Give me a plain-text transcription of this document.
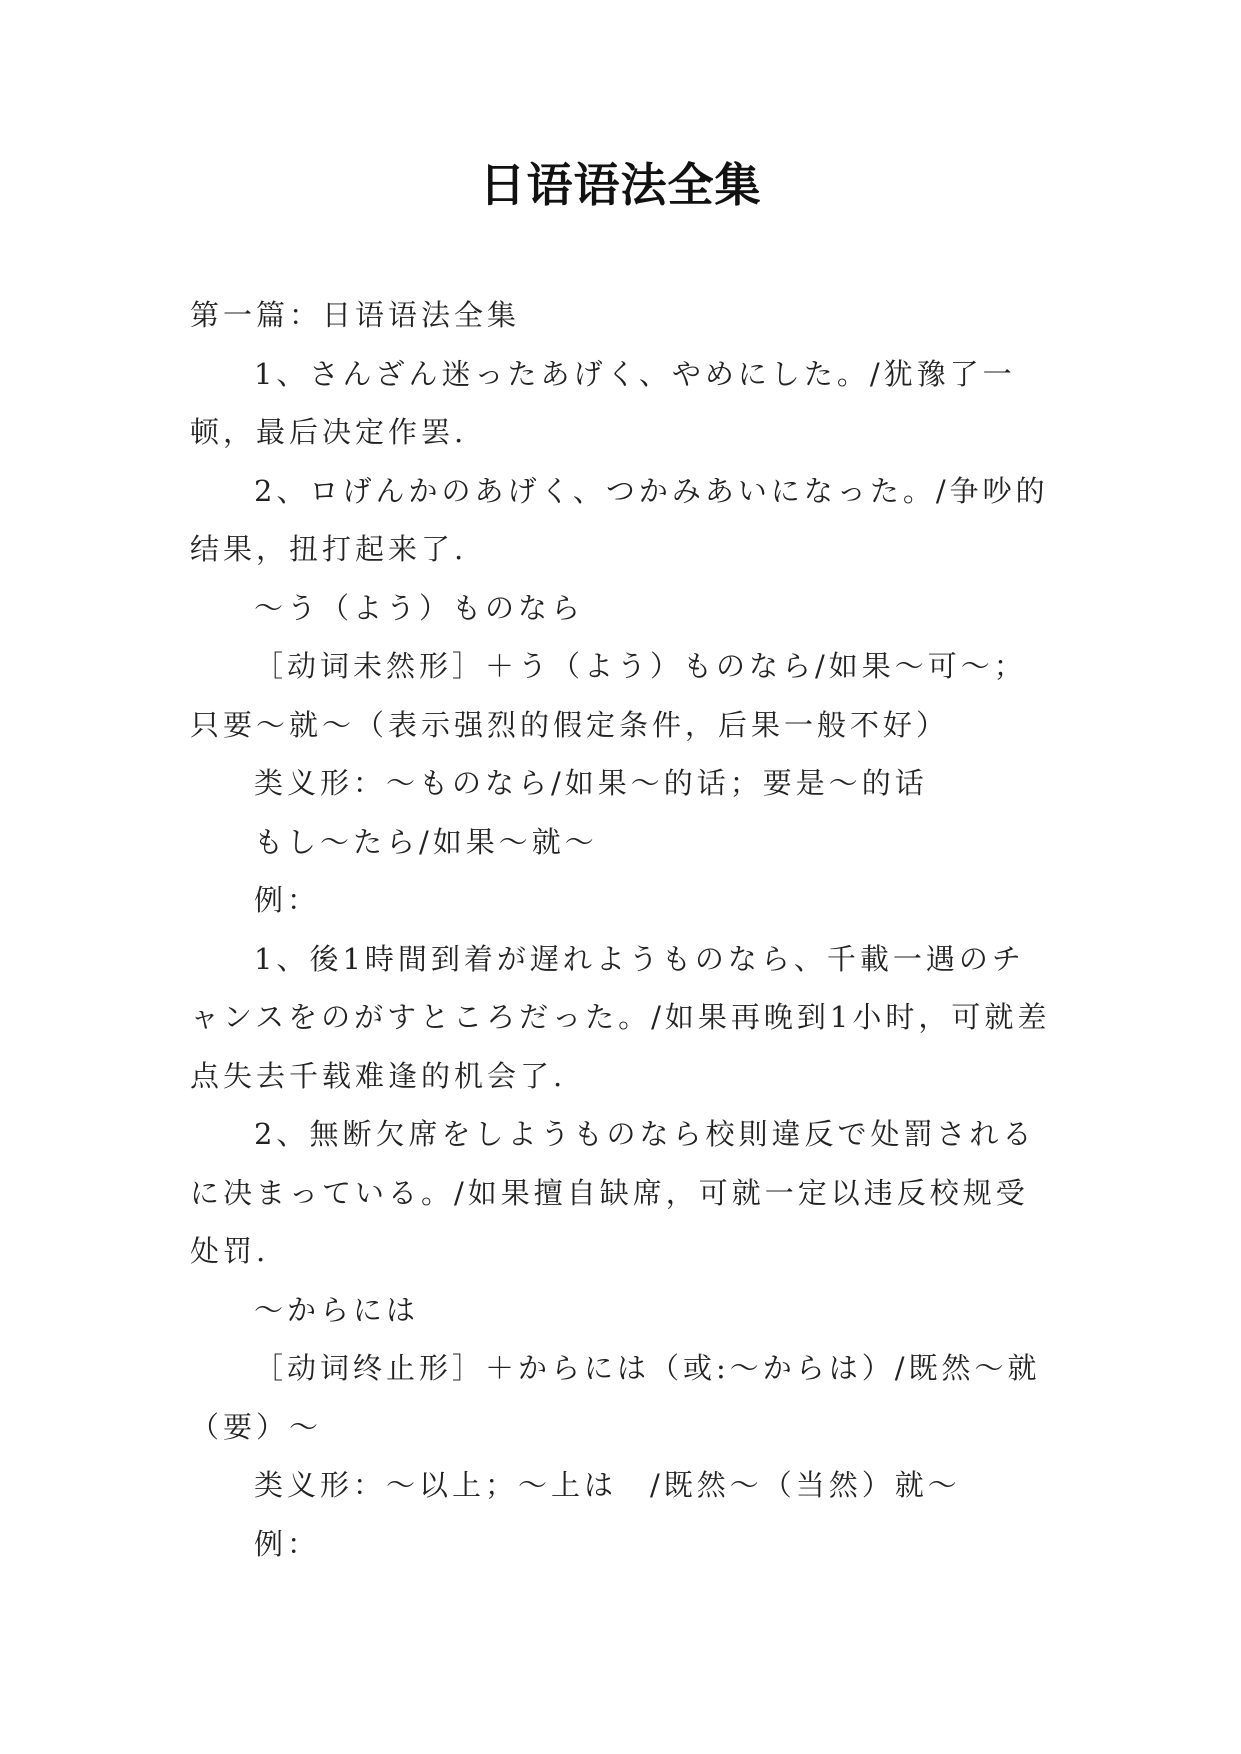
日语语法全集

第一篇：日语语法全集

1、さんざん迷ったあげく、やめにした。/犹豫了一顿，最后决定作罢.

2、ロげんかのあげく、つかみあいになった。/争吵的结果，扭打起来了.

～う（よう）ものなら

［动词未然形］＋う（よう）ものなら/如果～可～；只要～就～（表示强烈的假定条件，后果一般不好）

类义形：～ものなら/如果～的话；要是～的话

もし～たら/如果～就～

例：

1、後1時間到着が遅れようものなら、千載一遇のチャンスをのがすところだった。/如果再晚到1小时，可就差点失去千载难逢的机会了.

2、無断欠席をしようものなら校則違反で处罰されるに决まっている。/如果擅自缺席，可就一定以违反校规受处罚.

～からには

［动词终止形］＋からには（或:～からは）/既然～就（要）～

类义形：～以上；～上は　/既然～（当然）就～

例：
